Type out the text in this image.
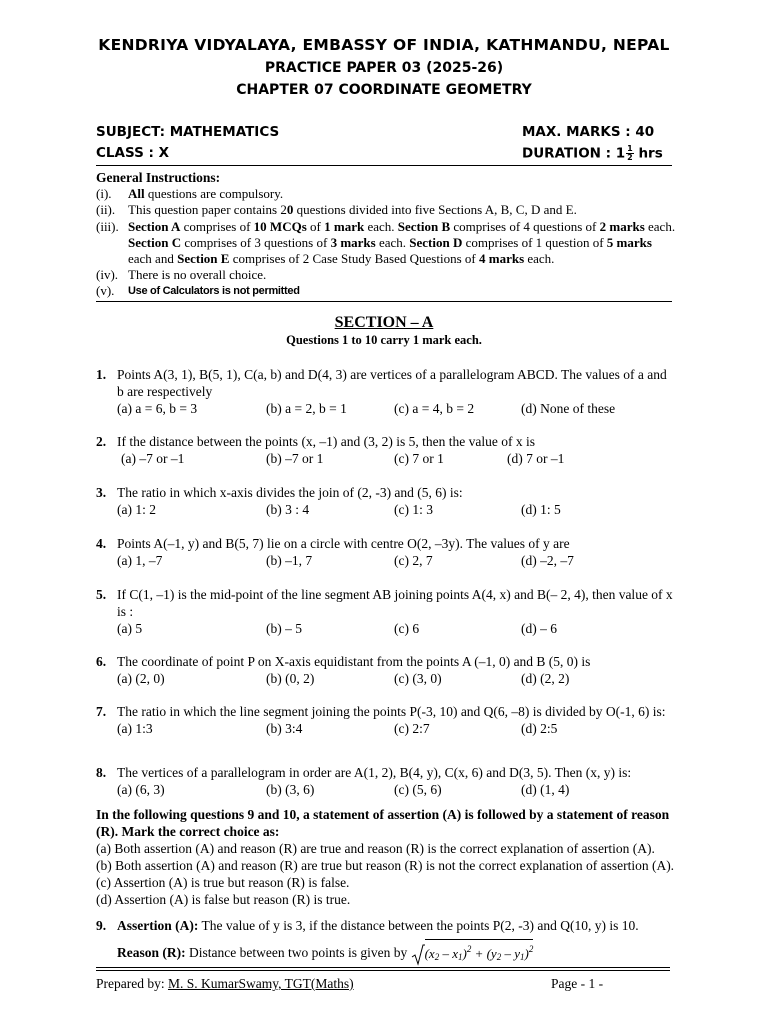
KENDRIYA VIDYALAYA, EMBASSY OF INDIA, KATHMANDU, NEPAL
PRACTICE PAPER 03 (2025-26)
CHAPTER 07 COORDINATE GEOMETRY
SUBJECT: MATHEMATICS
CLASS : X
MAX. MARKS : 40
DURATION : $1 \frac{1}{2}$ hrs
General Instructions:
(i).	All questions are compulsory.
(ii). This question paper contains 20 questions divided into five Sections A, B, C, D and E.
(iii). Section A comprises of 10 MCQs of 1 mark each. Section B comprises of 4 questions of 2 marks each. Section C comprises of 3 questions of 3 marks each. Section D comprises of 1 question of 5 marks each and Section E comprises of 2 Case Study Based Questions of 4 marks each.
(iv). There is no overall choice.
(v).	Use of Calculators is not permitted
SECTION – A
Questions 1 to 10 carry 1 mark each.
1. Points A(3, 1), B(5, 1), C(a, b) and D(4, 3) are vertices of a parallelogram ABCD. The values of a and b are respectively
(a) a = 6, b = 3	(b) a = 2, b = 1	(c) a = 4, b = 2	(d) None of these
2. If the distance between the points (x, –1) and (3, 2) is 5, then the value of x is
(a) –7 or –1	(b) –7 or 1	(c) 7 or 1	(d) 7 or –1
3. The ratio in which x-axis divides the join of (2, -3) and (5, 6) is:
(a) 1: 2	(b) 3 : 4	(c) 1: 3	(d) 1: 5
4. Points A(–1, y) and B(5, 7) lie on a circle with centre O(2, –3y). The values of y are
(a) 1, –7	(b) –1, 7	(c) 2, 7	(d) –2, –7
5. If C(1, –1) is the mid-point of the line segment AB joining points A(4, x) and B(– 2, 4), then value of x is :
(a) 5	(b) – 5	(c) 6	(d) – 6
6. The coordinate of point P on X-axis equidistant from the points A (–1, 0) and B (5, 0) is
(a) (2, 0)	(b) (0, 2)	(c) (3, 0)	(d) (2, 2)
7. The ratio in which the line segment joining the points P(-3, 10) and Q(6, –8) is divided by O(-1, 6) is:
(a) 1:3	(b) 3:4	(c) 2:7	(d) 2:5
8. The vertices of a parallelogram in order are A(1, 2), B(4, y), C(x, 6) and D(3, 5). Then (x, y) is:
(a) (6, 3)	(b) (3, 6)	(c) (5, 6)	(d) (1, 4)
In the following questions 9 and 10, a statement of assertion (A) is followed by a statement of reason (R). Mark the correct choice as:
(a) Both assertion (A) and reason (R) are true and reason (R) is the correct explanation of assertion (A).
(b) Both assertion (A) and reason (R) are true but reason (R) is not the correct explanation of assertion (A).
(c) Assertion (A) is true but reason (R) is false.
(d) Assertion (A) is false but reason (R) is true.
9. Assertion (A): The value of y is 3, if the distance between the points P(2, -3) and Q(10, y) is 10.
Reason (R): Distance between two points is given by $(x_2 - x_1)^2 + (y_2 - y_1)^2$
Prepared by: M. S. KumarSwamy, TGT(Maths)	Page - 1 -
